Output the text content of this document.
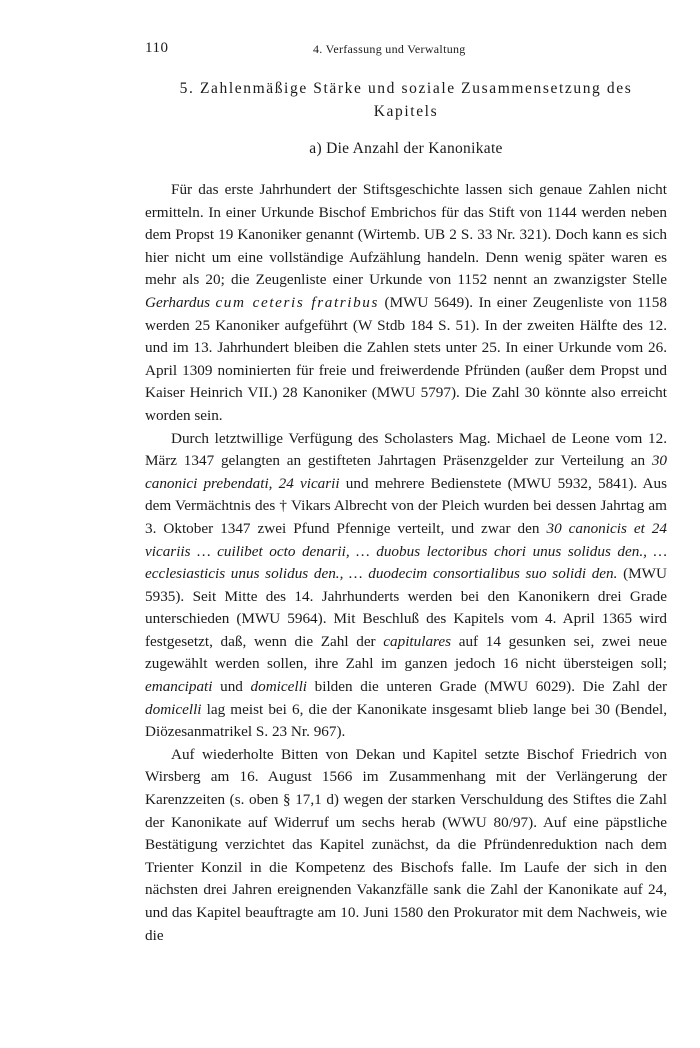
110	4. Verfassung und Verwaltung
5. Zahlenmäßige Stärke und soziale Zusammensetzung des Kapitels
a) Die Anzahl der Kanonikate

Für das erste Jahrhundert der Stiftsgeschichte lassen sich genaue Zahlen nicht ermitteln. In einer Urkunde Bischof Embrichos für das Stift von 1144 werden neben dem Propst 19 Kanoniker genannt (Wirtemb. UB 2 S. 33 Nr. 321). Doch kann es sich hier nicht um eine vollständige Aufzählung handeln. Denn wenig später waren es mehr als 20; die Zeugenliste einer Urkunde von 1152 nennt an zwanzigster Stelle Gerhardus cum ceteris fratribus (MWU 5649). In einer Zeugenliste von 1158 werden 25 Kanoniker aufgeführt (W Stdb 184 S. 51). In der zweiten Hälfte des 12. und im 13. Jahrhundert bleiben die Zahlen stets unter 25. In einer Urkunde vom 26. April 1309 nominierten für freie und freiwerdende Pfründen (außer dem Propst und Kaiser Heinrich VII.) 28 Kanoniker (MWU 5797). Die Zahl 30 könnte also erreicht worden sein.

Durch letztwillige Verfügung des Scholasters Mag. Michael de Leone vom 12. März 1347 gelangten an gestifteten Jahrtagen Präsenzgelder zur Verteilung an 30 canonici prebendati, 24 vicarii und mehrere Bedienstete (MWU 5932, 5841). Aus dem Vermächtnis des † Vikars Albrecht von der Pleich wurden bei dessen Jahrtag am 3. Oktober 1347 zwei Pfund Pfennige verteilt, und zwar den 30 canonicis et 24 vicariis … cuilibet octo denarii, … duobus lectoribus chori unus solidus den., … ecclesiasticis unus solidus den., … duodecim consortialibus suo solidi den. (MWU 5935). Seit Mitte des 14. Jahrhunderts werden bei den Kanonikern drei Grade unterschieden (MWU 5964). Mit Beschluß des Kapitels vom 4. April 1365 wird festgesetzt, daß, wenn die Zahl der capitulares auf 14 gesunken sei, zwei neue zugewählt werden sollen, ihre Zahl im ganzen jedoch 16 nicht übersteigen soll; emancipati und domicelli bilden die unteren Grade (MWU 6029). Die Zahl der domicelli lag meist bei 6, die der Kanonikate insgesamt blieb lange bei 30 (Bendel, Diözesanmatrikel S. 23 Nr. 967).

Auf wiederholte Bitten von Dekan und Kapitel setzte Bischof Friedrich von Wirsberg am 16. August 1566 im Zusammenhang mit der Verlängerung der Karenzzeiten (s. oben § 17,1 d) wegen der starken Verschuldung des Stiftes die Zahl der Kanonikate auf Widerruf um sechs herab (WWU 80/97). Auf eine päpstliche Bestätigung verzichtet das Kapitel zunächst, da die Pfründenreduktion nach dem Trienter Konzil in die Kompetenz des Bischofs falle. Im Laufe der sich in den nächsten drei Jahren ereignenden Vakanzfälle sank die Zahl der Kanonikate auf 24, und das Kapitel beauftragte am 10. Juni 1580 den Prokurator mit dem Nachweis, wie die
